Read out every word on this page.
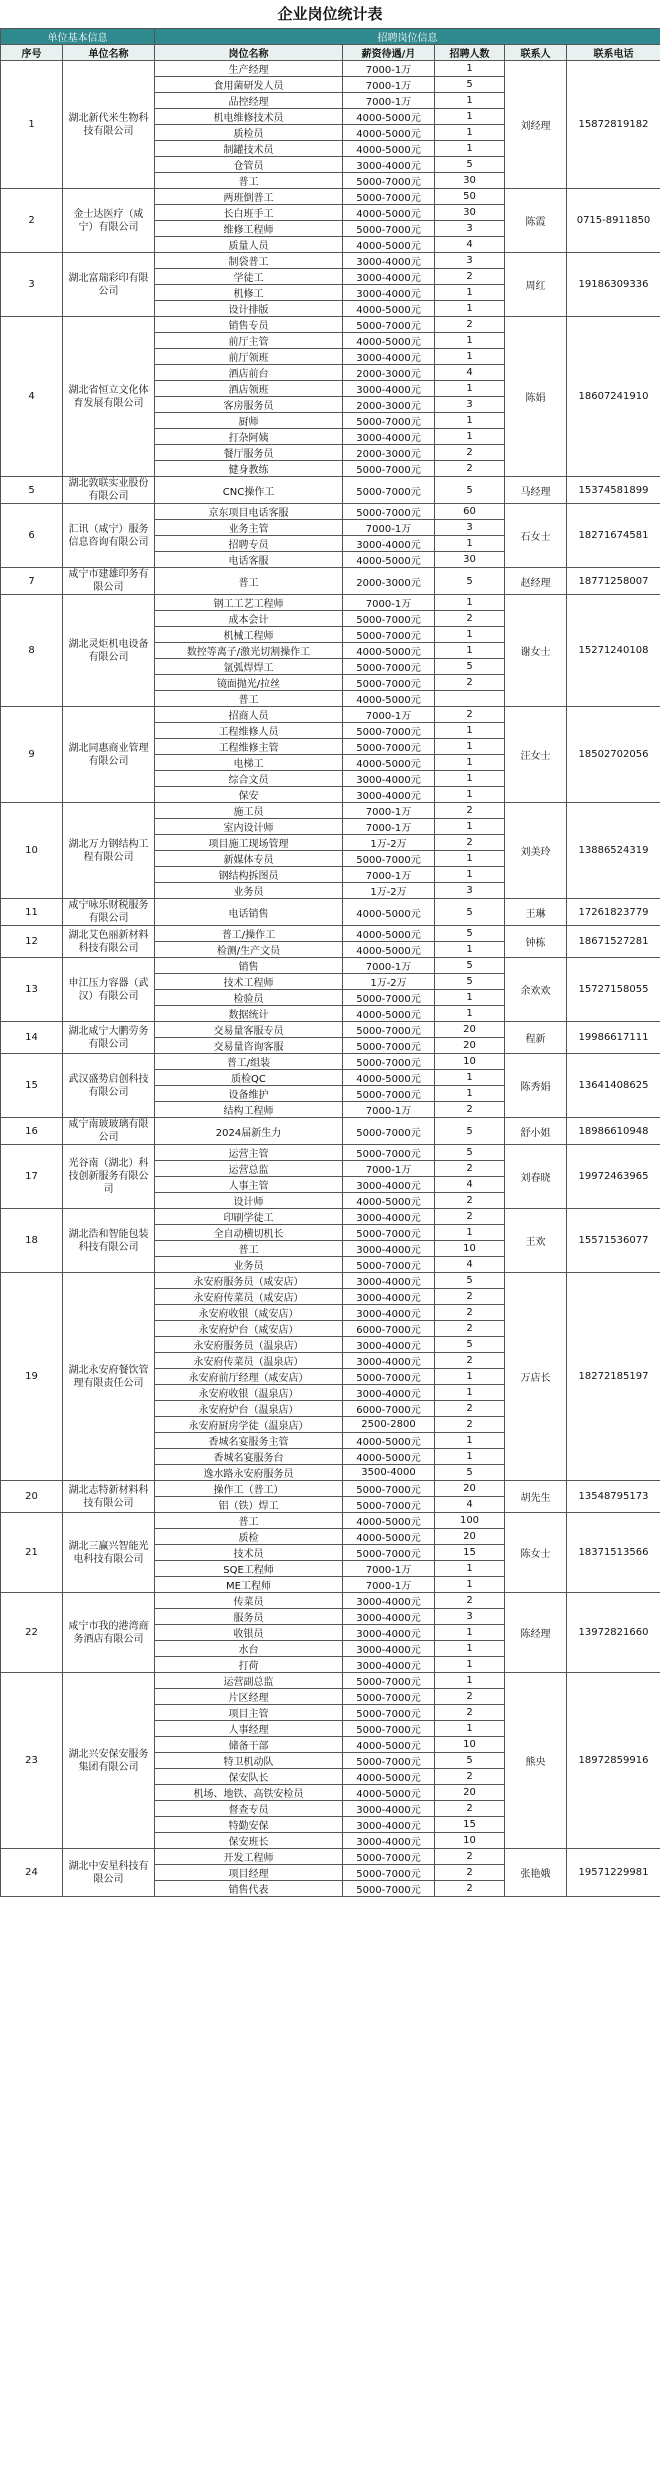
企业岗位统计表
单位基本信息		招聘岗位信息				
序号	单位名称	岗位名称	薪资待遇/月	招聘人数	联系人	联系电话
1	湖北新代米生物科技有限公司	生产经理	7000-1万	1	刘经理	15872819182
		食用菌研发人员	7000-1万	5		
		品控经理	7000-1万	1		
		机电维修技术员	4000-5000元	1		
		质检员	4000-5000元	1		
		制罐技术员	4000-5000元	1		
		仓管员	3000-4000元	5		
		普工	5000-7000元	30		
2	金士达医疗（咸宁）有限公司	两班倒普工	5000-7000元	50	陈霞	0715-8911850
		长白班手工	4000-5000元	30		
		维修工程师	5000-7000元	3		
		质量人员	4000-5000元	4		
3	湖北富瑞彩印有限公司	制袋普工	3000-4000元	3	周红	19186309336
		学徒工	3000-4000元	2		
		机修工	3000-4000元	1		
		设计排版	4000-5000元	1		
4	湖北省恒立文化体育发展有限公司	销售专员	5000-7000元	2	陈娟	18607241910
		前厅主管	4000-5000元	1		
		前厅领班	3000-4000元	1		
		酒店前台	2000-3000元	4		
		酒店领班	3000-4000元	1		
		客房服务员	2000-3000元	3		
		厨师	5000-7000元	1		
		打杂阿姨	3000-4000元	1		
		餐厅服务员	2000-3000元	2		
		健身教练	5000-7000元	2		
5	湖北敦联实业股份有限公司	CNC操作工	5000-7000元	5	马经理	15374581899
6	汇讯（咸宁）服务信息咨询有限公司	京东项目电话客服	5000-7000元	60	石女士	18271674581
		业务主管	7000-1万	3		
		招聘专员	3000-4000元	1		
		电话客服	4000-5000元	30		
7	咸宁市建雄印务有限公司	普工	2000-3000元	5	赵经理	18771258007
8	湖北灵炬机电设备有限公司	钢工工艺工程师	7000-1万	1	谢女士	15271240108
		成本会计	5000-7000元	2		
		机械工程师	5000-7000元	1		
		数控等离子/激光切割操作工	4000-5000元	1		
		氩弧焊焊工	5000-7000元	5		
		镜面抛光/拉丝	5000-7000元	2		
		普工	4000-5000元			
9	湖北同惠商业管理有限公司	招商人员	7000-1万	2	汪女士	18502702056
		工程维修人员	5000-7000元	1		
		工程维修主管	5000-7000元	1		
		电梯工	4000-5000元	1		
		综合文员	3000-4000元	1		
		保安	3000-4000元	1		
10	湖北万力钢结构工程有限公司	施工员	7000-1万	2	刘美玲	13886524319
		室内设计师	7000-1万	1		
		项目施工现场管理	1万-2万	2		
		新媒体专员	5000-7000元	1		
		钢结构拆图员	7000-1万	1		
		业务员	1万-2万	3		
11	咸宁咏乐财税服务有限公司	电话销售	4000-5000元	5	王琳	17261823779
12	湖北艾色丽新材料科技有限公司	普工/操作工	4000-5000元	5	钟栋	18671527281
		检测/生产文员	4000-5000元	1		
13	申江压力容器（武汉）有限公司	销售	7000-1万	5	余欢欢	15727158055
		技术工程师	1万-2万	5		
		检验员	5000-7000元	1		
		数据统计	4000-5000元	1		
14	湖北咸宁大鹏劳务有限公司	交易量客服专员	5000-7000元	20	程新	19986617111
		交易量咨询客服	5000-7000元	20		
15	武汉盛势启创科技有限公司	普工/组装	5000-7000元	10	陈秀娟	13641408625
		质检QC	4000-5000元	1		
		设备维护	5000-7000元	1		
		结构工程师	7000-1万	2		
16	咸宁南玻玻璃有限公司	2024届新生力	5000-7000元	5	舒小姐	18986610948
17	光谷南（湖北）科技创新服务有限公司	运营主管	5000-7000元	5	刘春晓	19972463965
		运营总监	7000-1万	2		
		人事主管	3000-4000元	4		
		设计师	4000-5000元	2		
18	湖北浩和智能包装科技有限公司	印刷学徒工	3000-4000元	2	王欢	15571536077
		全自动横切机长	5000-7000元	1		
		普工	3000-4000元	10		
		业务员	5000-7000元	4		
19	湖北永安府餐饮管理有限责任公司	永安府服务员（咸安店）	3000-4000元	5	万店长	18272185197
		永安府传菜员（咸安店）	3000-4000元	2		
		永安府收银（咸安店）	3000-4000元	2		
		永安府炉台（咸安店）	6000-7000元	2		
		永安府服务员（温泉店）	3000-4000元	5		
		永安府传菜员（温泉店）	3000-4000元	2		
		永安府前厅经理（咸安店）	5000-7000元	1		
		永安府收银（温泉店）	3000-4000元	1		
		永安府炉台（温泉店）	6000-7000元	2		
		永安府厨房学徒（温泉店）	2500-2800	2		
		香城名宴服务主管	4000-5000元	1		
		香城名宴服务台	4000-5000元	1		
		逸水路永安府服务员	3500-4000	5		
20	湖北志特新材料科技有限公司	操作工（普工）	5000-7000元	20	胡先生	13548795173
		铝（铁）焊工	5000-7000元	4		
21	湖北三赢兴智能光电科技有限公司	普工	4000-5000元	100	陈女士	18371513566
		质检	4000-5000元	20		
		技术员	5000-7000元	15		
		SQE工程师	7000-1万	1		
		ME工程师	7000-1万	1		
22	咸宁市我的港湾商务酒店有限公司	传菜员	3000-4000元	2	陈经理	13972821660
		服务员	3000-4000元	3		
		收银员	3000-4000元	1		
		水台	3000-4000元	1		
		打荷	3000-4000元	1		
23	湖北兴安保安服务集团有限公司	运营副总监	5000-7000元	1	熊央	18972859916
		片区经理	5000-7000元	2		
		项目主管	5000-7000元	2		
		人事经理	5000-7000元	1		
		储备干部	4000-5000元	10		
		特卫机动队	5000-7000元	5		
		保安队长	4000-5000元	2		
		机场、地铁、高铁安检员	4000-5000元	20		
		督查专员	3000-4000元	2		
		特勤安保	3000-4000元	15		
		保安班长	3000-4000元	10		
24	湖北中安星科技有限公司	开发工程师	5000-7000元	2	张艳娥	19571229981
		项目经理	5000-7000元	2		
		销售代表	5000-7000元	2		
